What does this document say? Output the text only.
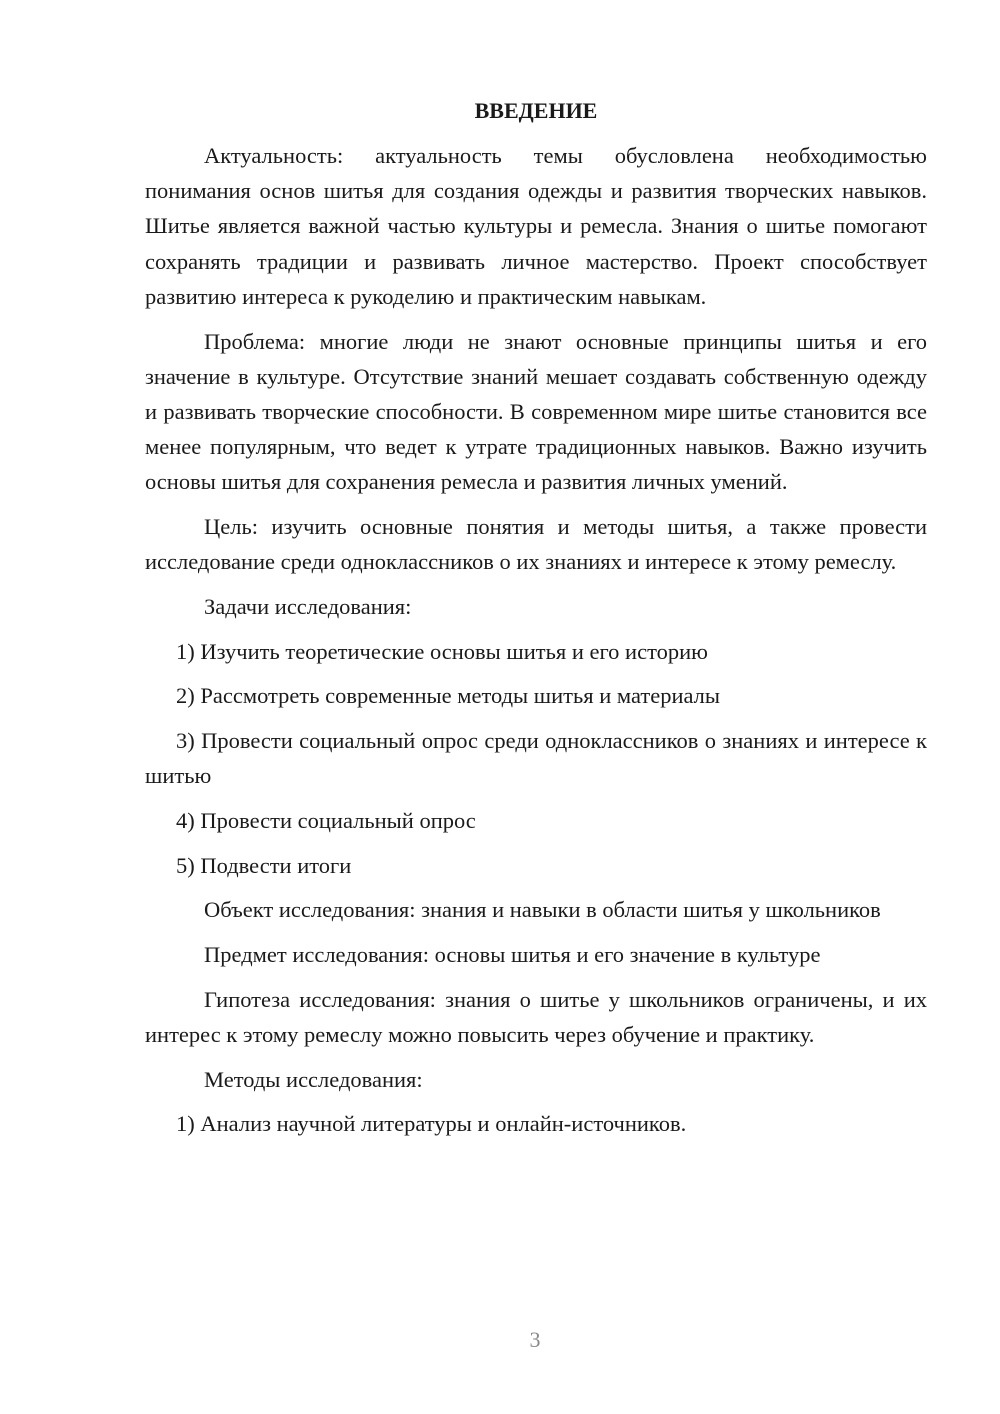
ВВЕДЕНИЕ

Актуальность: актуальность темы обусловлена необходимостью понимания основ шитья для создания одежды и развития творческих навыков. Шитье является важной частью культуры и ремесла. Знания о шитье помогают сохранять традиции и развивать личное мастерство. Проект способствует развитию интереса к рукоделию и практическим навыкам.

Проблема: многие люди не знают основные принципы шитья и его значение в культуре. Отсутствие знаний мешает создавать собственную одежду и развивать творческие способности. В современном мире шитье становится все менее популярным, что ведет к утрате традиционных навыков. Важно изучить основы шитья для сохранения ремесла и развития личных умений.

Цель: изучить основные понятия и методы шитья, а также провести исследование среди одноклассников о их знаниях и интересе к этому ремеслу.

Задачи исследования:

1) Изучить теоретические основы шитья и его историю

2) Рассмотреть современные методы шитья и материалы

3) Провести социальный опрос среди одноклассников о знаниях и интересе к шитью

4) Провести социальный опрос

5) Подвести итоги

Объект исследования: знания и навыки в области шитья у школьников

Предмет исследования: основы шитья и его значение в культуре

Гипотеза исследования: знания о шитье у школьников ограничены, и их интерес к этому ремеслу можно повысить через обучение и практику.

Методы исследования:

1) Анализ научной литературы и онлайн-источников.

3
